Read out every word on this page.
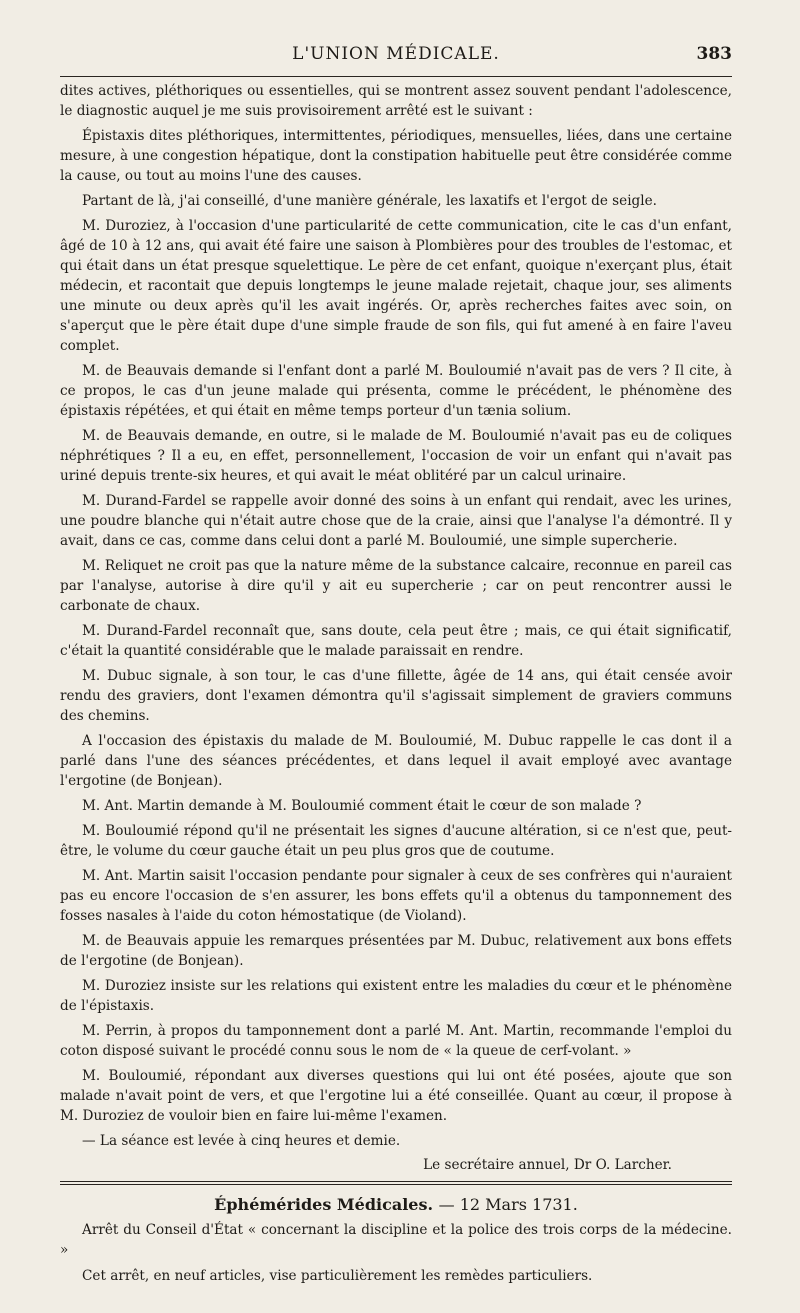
L'UNION MÉDICALE.	383

dites actives, pléthoriques ou essentielles, qui se montrent assez souvent pendant l'adolescence, le diagnostic auquel je me suis provisoirement arrêté est le suivant :

Épistaxis dites pléthoriques, intermittentes, périodiques, mensuelles, liées, dans une certaine mesure, à une congestion hépatique, dont la constipation habituelle peut être considérée comme la cause, ou tout au moins l'une des causes.

Partant de là, j'ai conseillé, d'une manière générale, les laxatifs et l'ergot de seigle.

M. Duroziez, à l'occasion d'une particularité de cette communication, cite le cas d'un enfant, âgé de 10 à 12 ans, qui avait été faire une saison à Plombières pour des troubles de l'estomac, et qui était dans un état presque squelettique. Le père de cet enfant, quoique n'exerçant plus, était médecin, et racontait que depuis longtemps le jeune malade rejetait, chaque jour, ses aliments une minute ou deux après qu'il les avait ingérés. Or, après recherches faites avec soin, on s'aperçut que le père était dupe d'une simple fraude de son fils, qui fut amené à en faire l'aveu complet.

M. de Beauvais demande si l'enfant dont a parlé M. Bouloumié n'avait pas de vers ? Il cite, à ce propos, le cas d'un jeune malade qui présenta, comme le précédent, le phénomène des épistaxis répétées, et qui était en même temps porteur d'un tænia solium.

M. de Beauvais demande, en outre, si le malade de M. Bouloumié n'avait pas eu de coliques néphrétiques ? Il a eu, en effet, personnellement, l'occasion de voir un enfant qui n'avait pas uriné depuis trente-six heures, et qui avait le méat oblitéré par un calcul urinaire.

M. Durand-Fardel se rappelle avoir donné des soins à un enfant qui rendait, avec les urines, une poudre blanche qui n'était autre chose que de la craie, ainsi que l'analyse l'a démontré. Il y avait, dans ce cas, comme dans celui dont a parlé M. Bouloumié, une simple supercherie.

M. Reliquet ne croit pas que la nature même de la substance calcaire, reconnue en pareil cas par l'analyse, autorise à dire qu'il y ait eu supercherie ; car on peut rencontrer aussi le carbonate de chaux.

M. Durand-Fardel reconnaît que, sans doute, cela peut être ; mais, ce qui était significatif, c'était la quantité considérable que le malade paraissait en rendre.

M. Dubuc signale, à son tour, le cas d'une fillette, âgée de 14 ans, qui était censée avoir rendu des graviers, dont l'examen démontra qu'il s'agissait simplement de graviers communs des chemins.

A l'occasion des épistaxis du malade de M. Bouloumié, M. Dubuc rappelle le cas dont il a parlé dans l'une des séances précédentes, et dans lequel il avait employé avec avantage l'ergotine (de Bonjean).

M. Ant. Martin demande à M. Bouloumié comment était le cœur de son malade ?

M. Bouloumié répond qu'il ne présentait les signes d'aucune altération, si ce n'est que, peut-être, le volume du cœur gauche était un peu plus gros que de coutume.

M. Ant. Martin saisit l'occasion pendante pour signaler à ceux de ses confrères qui n'auraient pas eu encore l'occasion de s'en assurer, les bons effets qu'il a obtenus du tamponnement des fosses nasales à l'aide du coton hémostatique (de Violand).

M. de Beauvais appuie les remarques présentées par M. Dubuc, relativement aux bons effets de l'ergotine (de Bonjean).

M. Duroziez insiste sur les relations qui existent entre les maladies du cœur et le phénomène de l'épistaxis.

M. Perrin, à propos du tamponnement dont a parlé M. Ant. Martin, recommande l'emploi du coton disposé suivant le procédé connu sous le nom de « la queue de cerf-volant. »

M. Bouloumié, répondant aux diverses questions qui lui ont été posées, ajoute que son malade n'avait point de vers, et que l'ergotine lui a été conseillée. Quant au cœur, il propose à M. Duroziez de vouloir bien en faire lui-même l'examen.

— La séance est levée à cinq heures et demie.

Le secrétaire annuel, Dr O. Larcher.
Éphémérides Médicales. — 12 Mars 1731.

Arrêt du Conseil d'État « concernant la discipline et la police des trois corps de la médecine. »

Cet arrêt, en neuf articles, vise particulièrement les remèdes particuliers.
